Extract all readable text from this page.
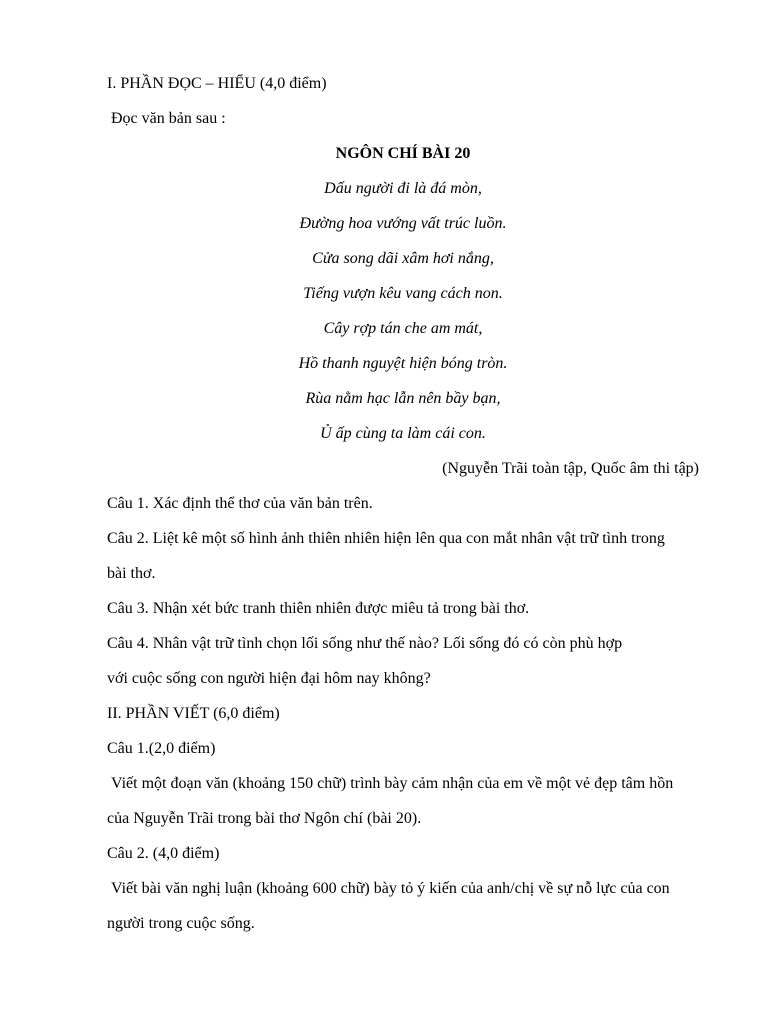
I. PHẦN ĐỌC – HIỂU (4,0 điểm)
Đọc văn bản sau :
NGÔN CHÍ BÀI 20
Dấu người đi là đá mòn,
Đường hoa vướng vất trúc luồn.
Cửa song dãi xâm hơi nắng,
Tiếng vượn kêu vang cách non.
Cây rợp tán che am mát,
Hồ thanh nguyệt hiện bóng tròn.
Rùa nằm hạc lẫn nên bầy bạn,
Ủ ấp cùng ta làm cái con.
(Nguyễn Trãi toàn tập, Quốc âm thi tập)
Câu 1. Xác định thể thơ của văn bản trên.
Câu 2. Liệt kê một số hình ảnh thiên nhiên hiện lên qua con mắt nhân vật trữ tình trong
bài thơ.
Câu 3. Nhận xét bức tranh thiên nhiên được miêu tả trong bài thơ.
Câu 4. Nhân vật trữ tình chọn lối sống như thế nào? Lối sống đó có còn phù hợp
với cuộc sống con người hiện đại hôm nay không?
II. PHẦN VIẾT (6,0 điểm)
Câu 1.(2,0 điểm)
Viết một đoạn văn (khoảng 150 chữ) trình bày cảm nhận của em về một vẻ đẹp tâm hồn
của Nguyễn Trãi trong bài thơ Ngôn chí (bài 20).
Câu 2. (4,0 điểm)
Viết bài văn nghị luận (khoảng 600 chữ) bày tỏ ý kiến của anh/chị về sự nỗ lực của con
người trong cuộc sống.
